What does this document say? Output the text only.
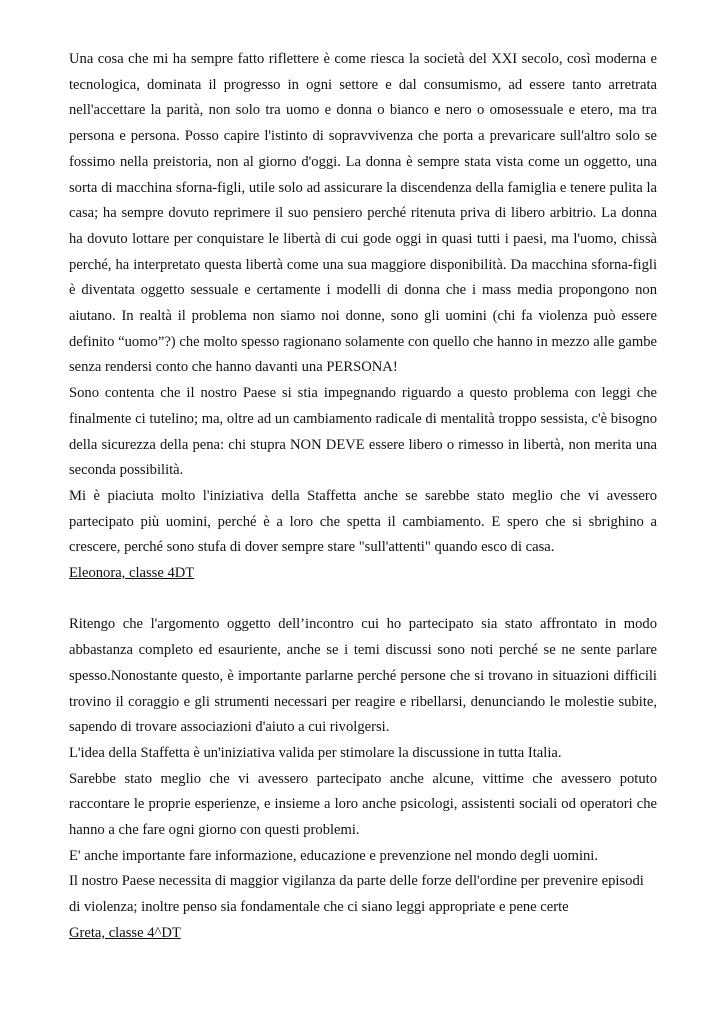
Una cosa che mi ha sempre fatto riflettere è come riesca la società del XXI secolo, così moderna e tecnologica, dominata il progresso in ogni settore e dal consumismo, ad essere tanto arretrata nell'accettare la parità, non solo tra uomo e donna o bianco e nero o omosessuale e etero, ma tra persona e persona. Posso capire l'istinto di sopravvivenza che porta a prevaricare sull'altro solo se fossimo nella preistoria, non al giorno d'oggi. La donna è sempre stata vista come un oggetto, una sorta di macchina sforna-figli, utile solo ad assicurare la discendenza della famiglia e tenere pulita la casa; ha sempre dovuto reprimere il suo pensiero perché ritenuta priva di libero arbitrio. La donna ha dovuto lottare per conquistare le libertà di cui gode oggi in quasi tutti i paesi, ma l'uomo, chissà perché, ha interpretato questa libertà come una sua maggiore disponibilità. Da macchina sforna-figli è diventata oggetto sessuale e certamente i modelli di donna che i mass media propongono non aiutano. In realtà il problema non siamo noi donne, sono gli uomini (chi fa violenza può essere definito “uomo”?) che molto spesso ragionano solamente con quello che hanno in mezzo alle gambe senza rendersi conto che hanno davanti una PERSONA!

Sono contenta che il nostro Paese si stia impegnando riguardo a questo problema con leggi che finalmente ci tutelino; ma, oltre ad un cambiamento radicale di mentalità troppo sessista, c'è bisogno della sicurezza della pena: chi stupra NON DEVE essere libero o rimesso in libertà, non merita una seconda possibilità.

Mi è piaciuta molto l'iniziativa della Staffetta anche se sarebbe stato meglio che vi avessero partecipato più uomini, perché è a loro che spetta il cambiamento. E spero che si sbrighino a crescere, perché sono stufa di dover sempre stare "sull'attenti" quando esco di casa.

Eleonora, classe 4DT

Ritengo che l'argomento oggetto dell’incontro cui ho partecipato sia stato affrontato in modo abbastanza completo ed esauriente, anche se i temi discussi sono noti perché se ne sente parlare spesso.Nonostante questo, è importante parlarne perché persone che si trovano in situazioni difficili trovino il coraggio e gli strumenti necessari per reagire e ribellarsi, denunciando le molestie subite, sapendo di trovare associazioni d'aiuto a cui rivolgersi.

L'idea della Staffetta è un'iniziativa valida per stimolare la discussione in tutta Italia.

Sarebbe stato meglio che vi avessero partecipato anche alcune, vittime che avessero potuto raccontare le proprie esperienze, e insieme a loro anche psicologi, assistenti sociali od operatori che hanno a che fare ogni giorno con questi problemi.

E' anche importante fare informazione, educazione e prevenzione nel mondo degli uomini.

Il nostro Paese necessita di maggior vigilanza da parte delle forze dell'ordine per prevenire episodi di violenza; inoltre penso sia fondamentale che ci siano leggi appropriate e pene certe

Greta, classe 4^DT
